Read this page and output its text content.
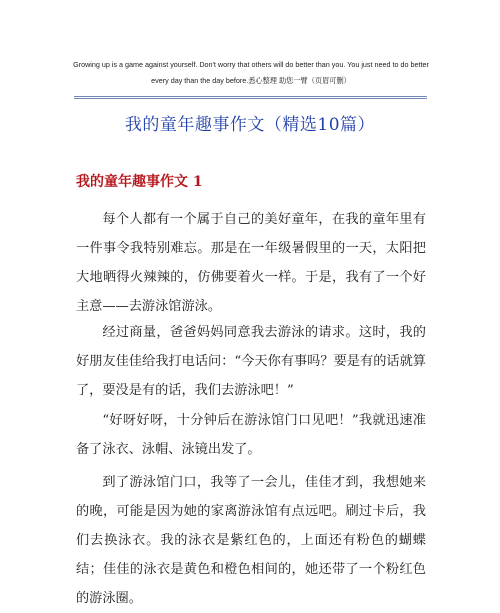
Growing up is a game against yourself. Don't worry that others will do better than you. You just need to do better every day than the day before.悉心整理 助您一臂（页眉可删）
我的童年趣事作文（精选10篇）
我的童年趣事作文 1

每个人都有一个属于自己的美好童年，在我的童年里有一件事令我特别难忘。那是在一年级暑假里的一天，太阳把大地晒得火辣辣的，仿佛要着火一样。于是，我有了一个好主意——去游泳馆游泳。

经过商量，爸爸妈妈同意我去游泳的请求。这时，我的好朋友佳佳给我打电话问：“今天你有事吗？要是有的话就算了，要没是有的话，我们去游泳吧！”

“好呀好呀，十分钟后在游泳馆门口见吧！”我就迅速准备了泳衣、泳帽、泳镜出发了。

到了游泳馆门口，我等了一会儿，佳佳才到，我想她来的晚，可能是因为她的家离游泳馆有点远吧。刷过卡后，我们去换泳衣。我的泳衣是紫红色的，上面还有粉色的蝴蝶结；佳佳的泳衣是黄色和橙色相间的，她还带了一个粉红色的游泳圈。
